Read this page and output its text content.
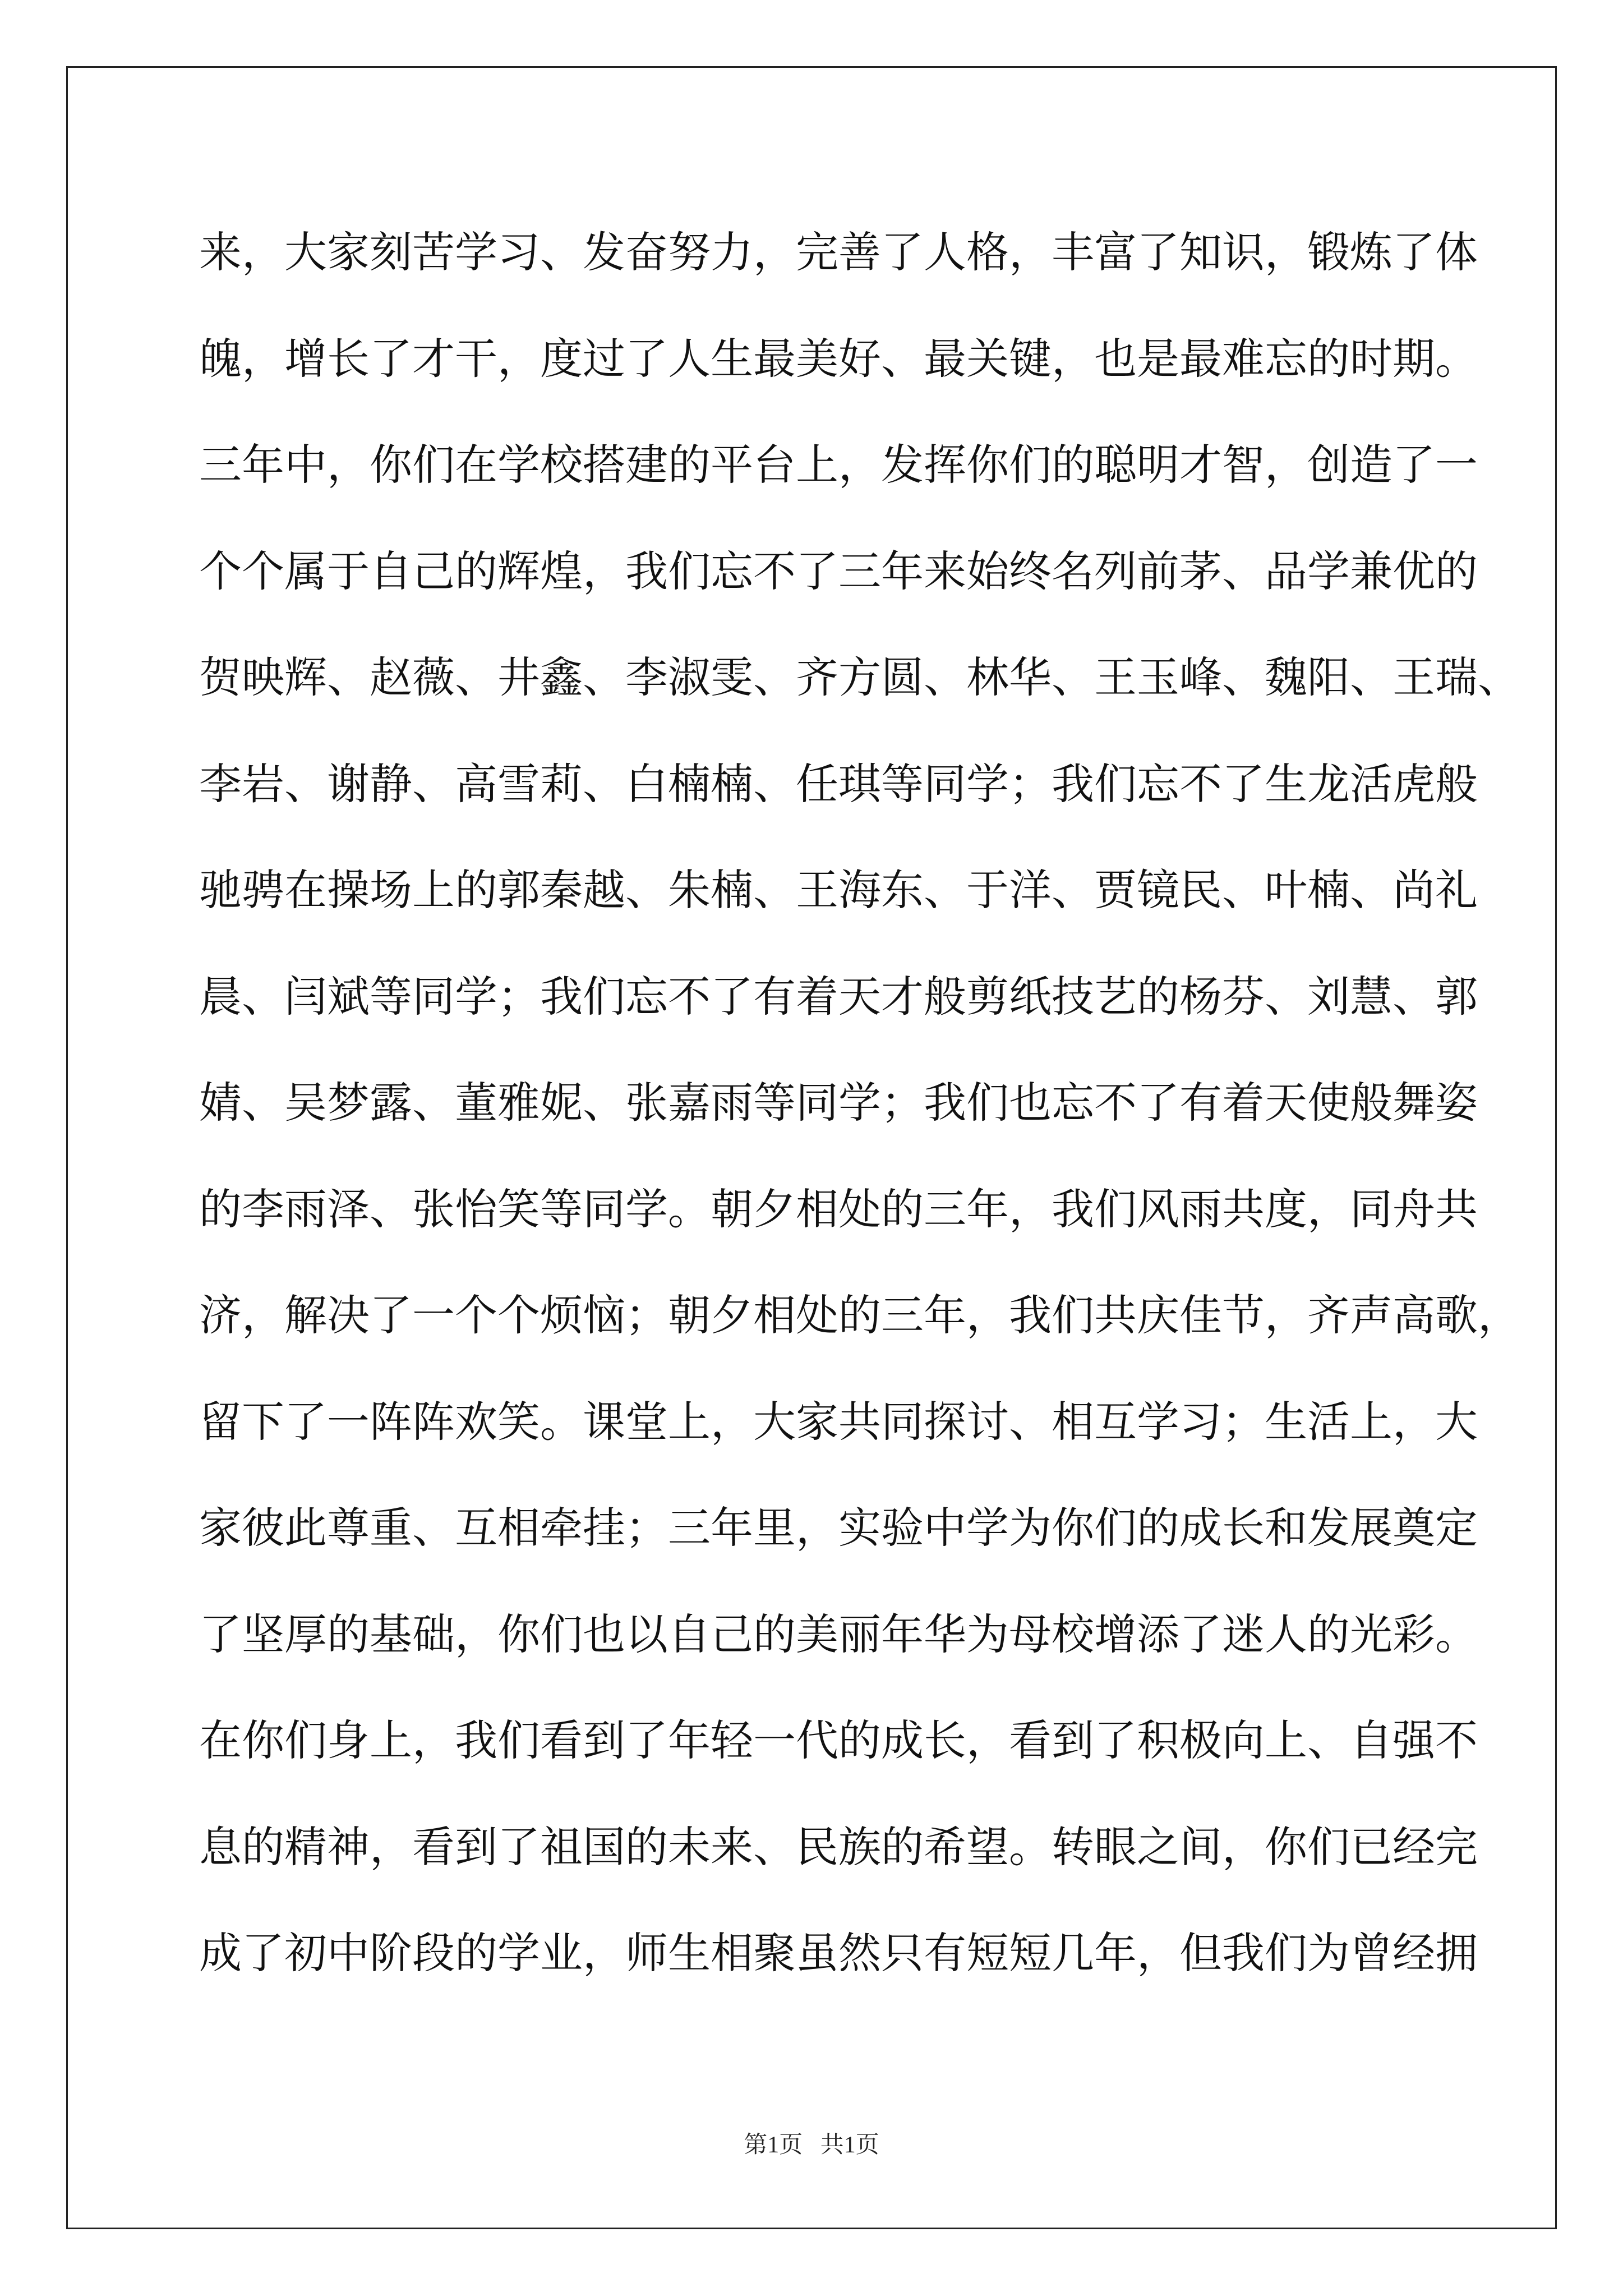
来，大家刻苦学习、发奋努力，完善了人格，丰富了知识，锻炼了体
魄，增长了才干，度过了人生最美好、最关键，也是最难忘的时期。
三年中，你们在学校搭建的平台上，发挥你们的聪明才智，创造了一
个个属于自己的辉煌，我们忘不了三年来始终名列前茅、品学兼优的
贺映辉、赵薇、井鑫、李淑雯、齐方圆、林华、王玉峰、魏阳、王瑞、
李岩、谢静、高雪莉、白楠楠、任琪等同学；我们忘不了生龙活虎般
驰骋在操场上的郭秦越、朱楠、王海东、于洋、贾镜民、叶楠、尚礼
晨、闫斌等同学；我们忘不了有着天才般剪纸技艺的杨芬、刘慧、郭
婧、吴梦露、董雅妮、张嘉雨等同学；我们也忘不了有着天使般舞姿
的李雨泽、张怡笑等同学。朝夕相处的三年，我们风雨共度，同舟共
济，解决了一个个烦恼；朝夕相处的三年，我们共庆佳节，齐声高歌，
留下了一阵阵欢笑。课堂上，大家共同探讨、相互学习；生活上，大
家彼此尊重、互相牵挂；三年里，实验中学为你们的成长和发展奠定
了坚厚的基础，你们也以自己的美丽年华为母校增添了迷人的光彩。
在你们身上，我们看到了年轻一代的成长，看到了积极向上、自强不
息的精神，看到了祖国的未来、民族的希望。转眼之间，你们已经完
成了初中阶段的学业，师生相聚虽然只有短短几年，但我们为曾经拥
第1页   共1页
